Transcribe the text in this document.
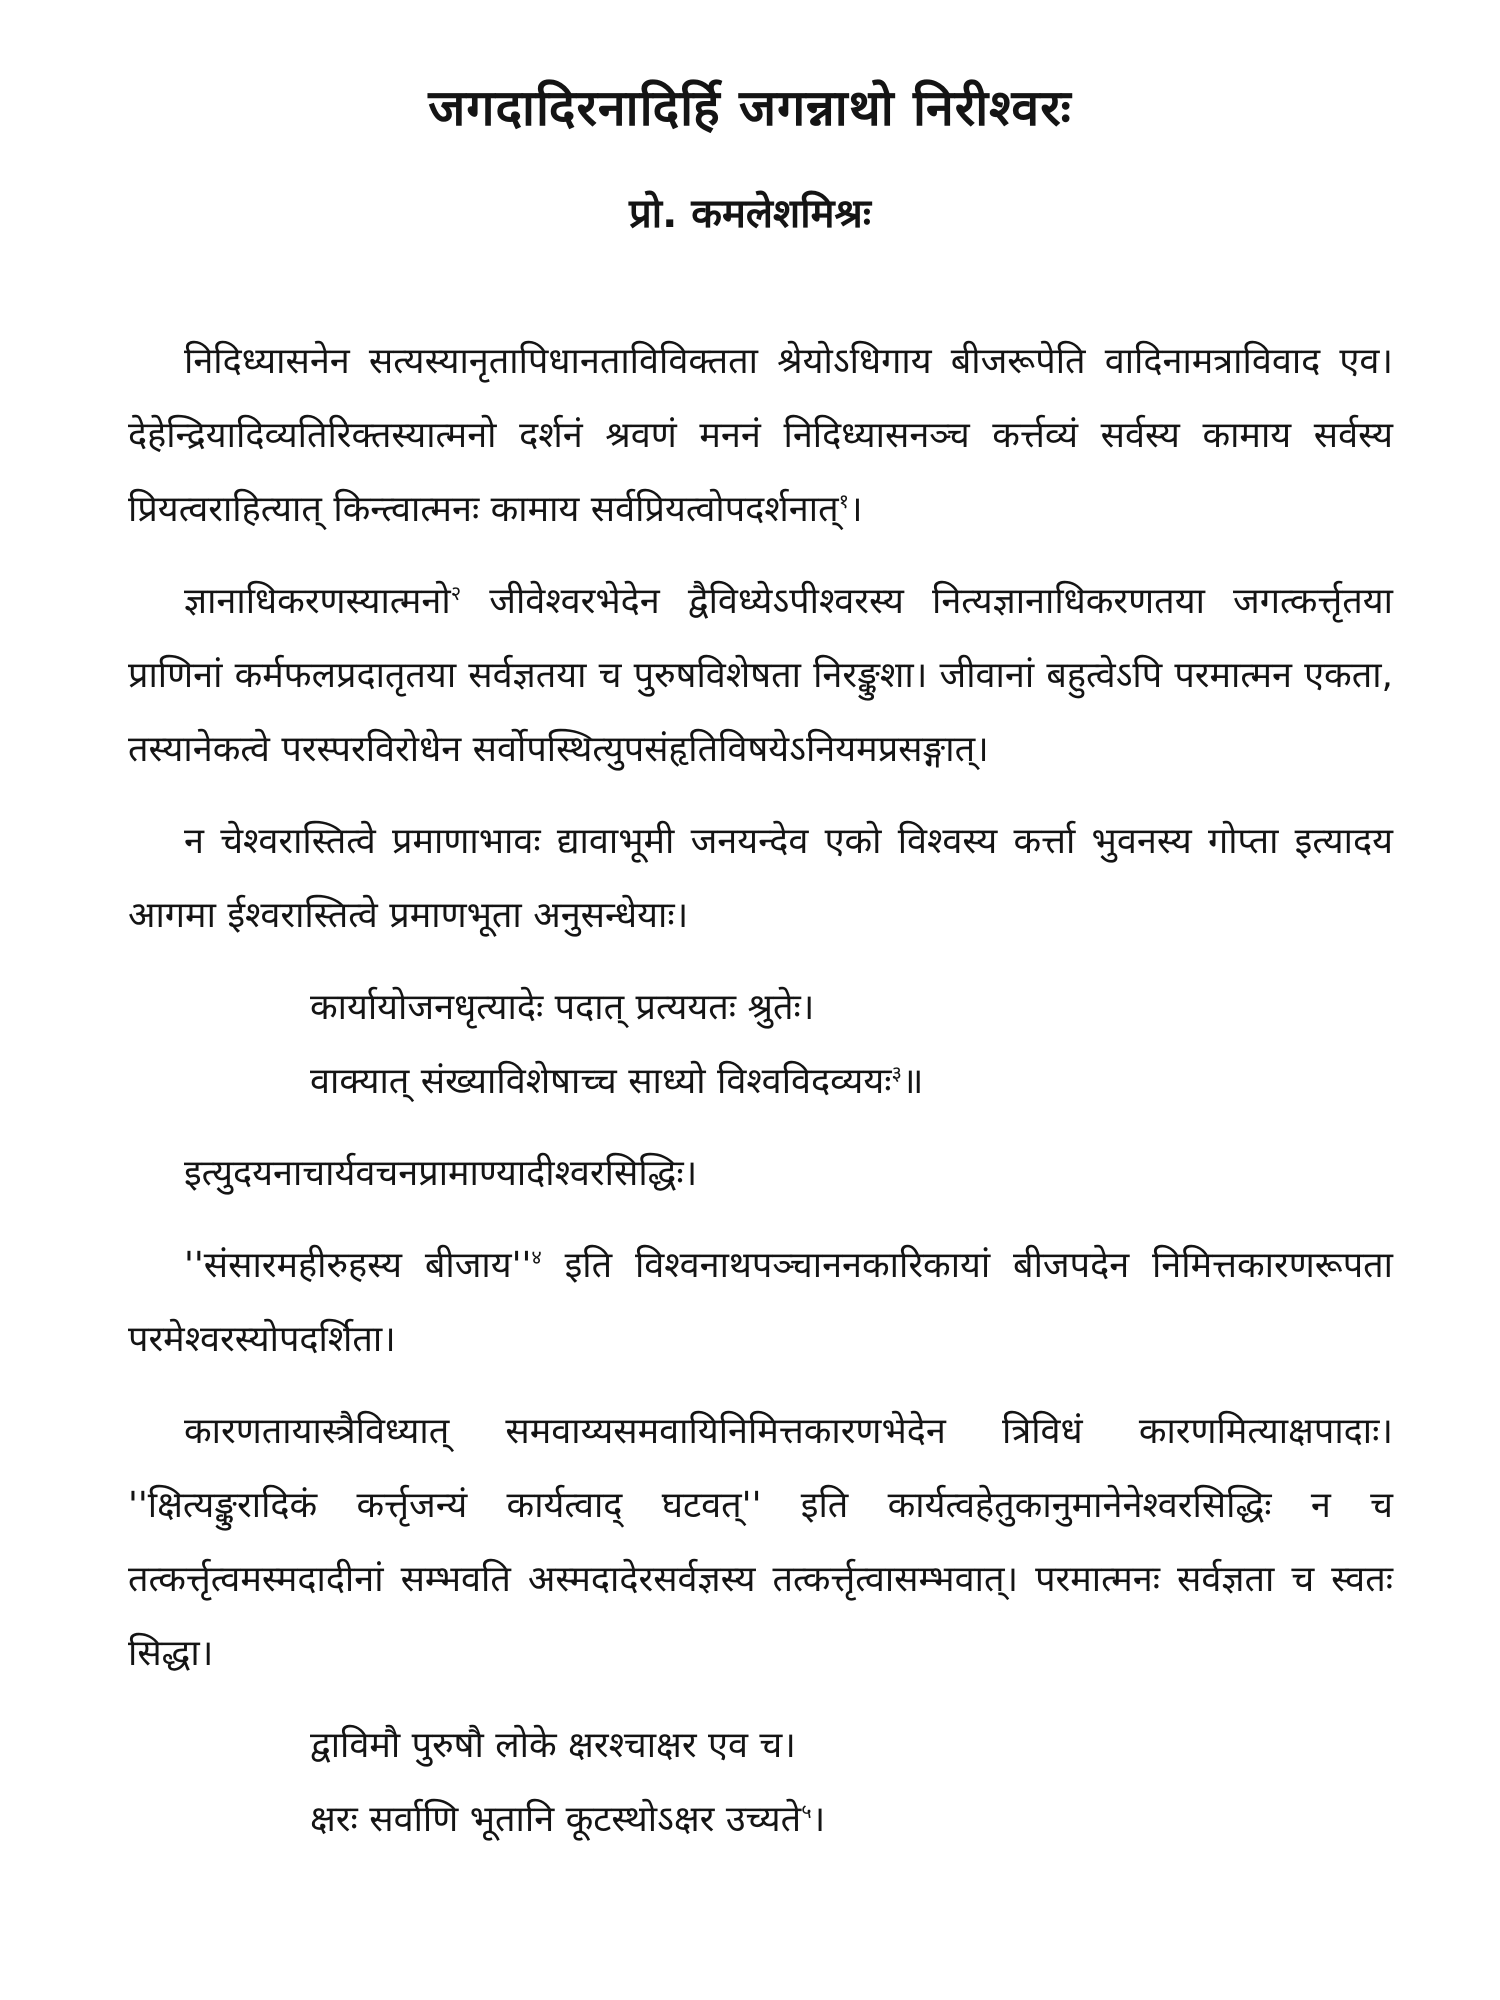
जगदादिरनादिर्हि जगन्नाथो निरीश्वरः
प्रो. कमलेशमिश्रः

निदिध्यासनेन सत्यस्यानृतापिधानताविविक्तता श्रेयोऽधिगाय बीजरूपेति वादिनामत्राविवाद एव। देहेन्द्रियादिव्यतिरिक्तस्यात्मनो दर्शनं श्रवणं मननं निदिध्यासनञ्च कर्त्तव्यं सर्वस्य कामाय सर्वस्य प्रियत्वराहित्यात् किन्त्वात्मनः कामाय सर्वप्रियत्वोपदर्शनात्$^१$।

ज्ञानाधिकरणस्यात्मनो$^२$ जीवेश्वरभेदेन द्वैविध्येऽपीश्वरस्य नित्यज्ञानाधिकरणतया जगत्कर्त्तृतया प्राणिनां कर्मफलप्रदातृतया सर्वज्ञतया च पुरुषविशेषता निरङ्कुशा। जीवानां बहुत्वेऽपि परमात्मन एकता, तस्यानेकत्वे परस्परविरोधेन सर्वोपस्थित्युपसंहृतिविषयेऽनियमप्रसङ्गात्।

न चेश्वरास्तित्वे प्रमाणाभावः द्यावाभूमी जनयन्देव एको विश्वस्य कर्त्ता भुवनस्य गोप्ता इत्यादय आगमा ईश्वरास्तित्वे प्रमाणभूता अनुसन्धेयाः।

कार्यायोजनधृत्यादेः पदात् प्रत्ययतः श्रुतेः।
वाक्यात् संख्याविशेषाच्च साध्यो विश्वविदव्ययः$^३$॥

इत्युदयनाचार्यवचनप्रामाण्यादीश्वरसिद्धिः।

''संसारमहीरुहस्य $बीजाय''^४$ इति विश्वनाथपञ्चाननकारिकायां बीजपदेन निमित्तकारणरूपता परमेश्वरस्योपदर्शिता।

कारणतायास्त्रैविध्यात् समवाय्यसमवायिनिमित्तकारणभेदेन त्रिविधं कारणमित्याक्षपादाः। ''क्षित्यङ्कुरादिकं कर्त्तृजन्यं कार्यत्वाद् घटवत्'' इति कार्यत्वहेतुकानुमानेनेश्वरसिद्धिः न च तत्कर्त्तृत्वमस्मदादीनां सम्भवति अस्मदादेरसर्वज्ञस्य तत्कर्त्तृत्वासम्भवात्। परमात्मनः सर्वज्ञता च स्वतः सिद्धा।

द्वाविमौ पुरुषौ लोके क्षरश्चाक्षर एव च।
क्षरः सर्वाणि भूतानि कूटस्थोऽक्षर उच्यते$^५$।
